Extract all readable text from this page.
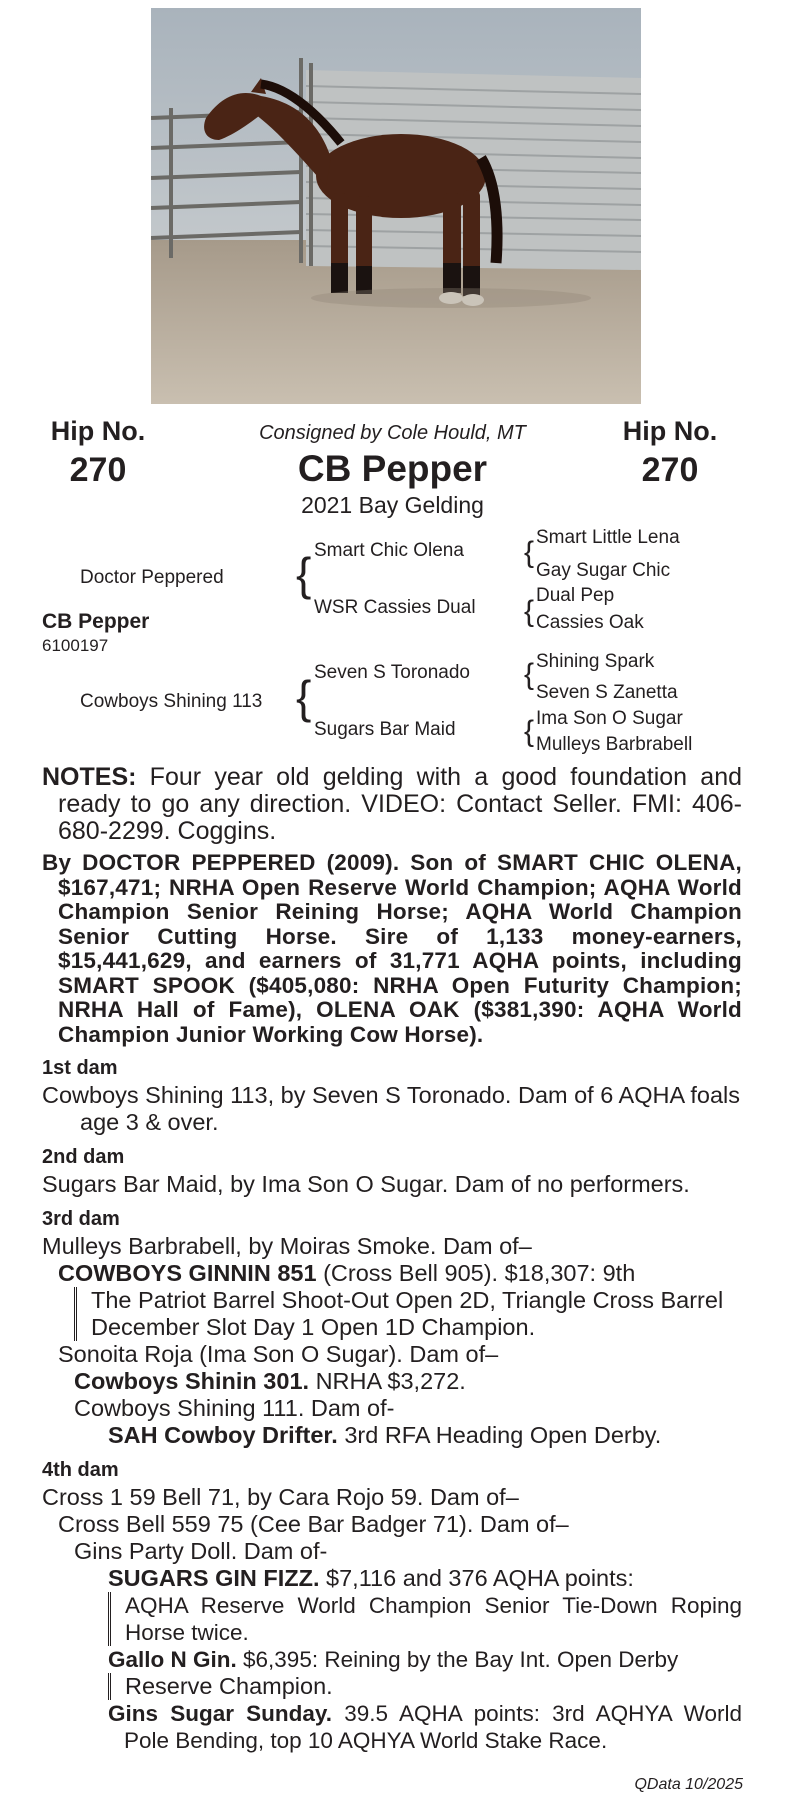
Hip No.
270
Hip No.
270
Consigned by Cole Hould, MT
CB Pepper
2021 Bay Gelding
Doctor Peppered
CB Pepper
6100197
Cowboys Shining 113
{
{
Smart Chic Olena
WSR Cassies Dual
Seven S Toronado
Sugars Bar Maid
{
{
{
{
Smart Little Lena
Gay Sugar Chic
Dual Pep
Cassies Oak
Shining Spark
Seven S Zanetta
Ima Son O Sugar
Mulleys Barbrabell

NOTES: Four year old gelding with a good foundation and ready to go any direction. VIDEO: Contact Seller. FMI: 406-680-2299. Coggins.

By DOCTOR PEPPERED (2009). Son of SMART CHIC OLENA, $167,471; NRHA Open Reserve World Champion; AQHA World Champion Senior Reining Horse; AQHA World Champion Senior Cutting Horse. Sire of 1,133 money-earners, $15,441,629, and earners of 31,771 AQHA points, including SMART SPOOK ($405,080: NRHA Open Futurity Champion; NRHA Hall of Fame), OLENA OAK ($381,390: AQHA World Champion Junior Working Cow Horse).

1st dam

Cowboys Shining 113, by Seven S Toronado. Dam of 6 AQHA foals age 3 & over.

2nd dam

Sugars Bar Maid, by Ima Son O Sugar. Dam of no performers.

3rd dam

Mulleys Barbrabell, by Moiras Smoke. Dam of–

COWBOYS GINNIN 851 (Cross Bell 905). $18,307: 9th

The Patriot Barrel Shoot-Out Open 2D, Triangle Cross Barrel December Slot Day 1 Open 1D Champion.

Sonoita Roja (Ima Son O Sugar). Dam of–

Cowboys Shinin 301. NRHA $3,272.

Cowboys Shining 111. Dam of-

SAH Cowboy Drifter. 3rd RFA Heading Open Derby.

4th dam

Cross 1 59 Bell 71, by Cara Rojo 59. Dam of–

Cross Bell 559 75 (Cee Bar Badger 71). Dam of–

Gins Party Doll. Dam of-

SUGARS GIN FIZZ. $7,116 and 376 AQHA points:

AQHA Reserve World Champion Senior Tie-Down Roping Horse twice.

Gallo N Gin. $6,395: Reining by the Bay Int. Open Derby

Reserve Champion.

Gins Sugar Sunday. 39.5 AQHA points: 3rd AQHYA World Pole Bending, top 10 AQHYA World Stake Race.

QData 10/2025
